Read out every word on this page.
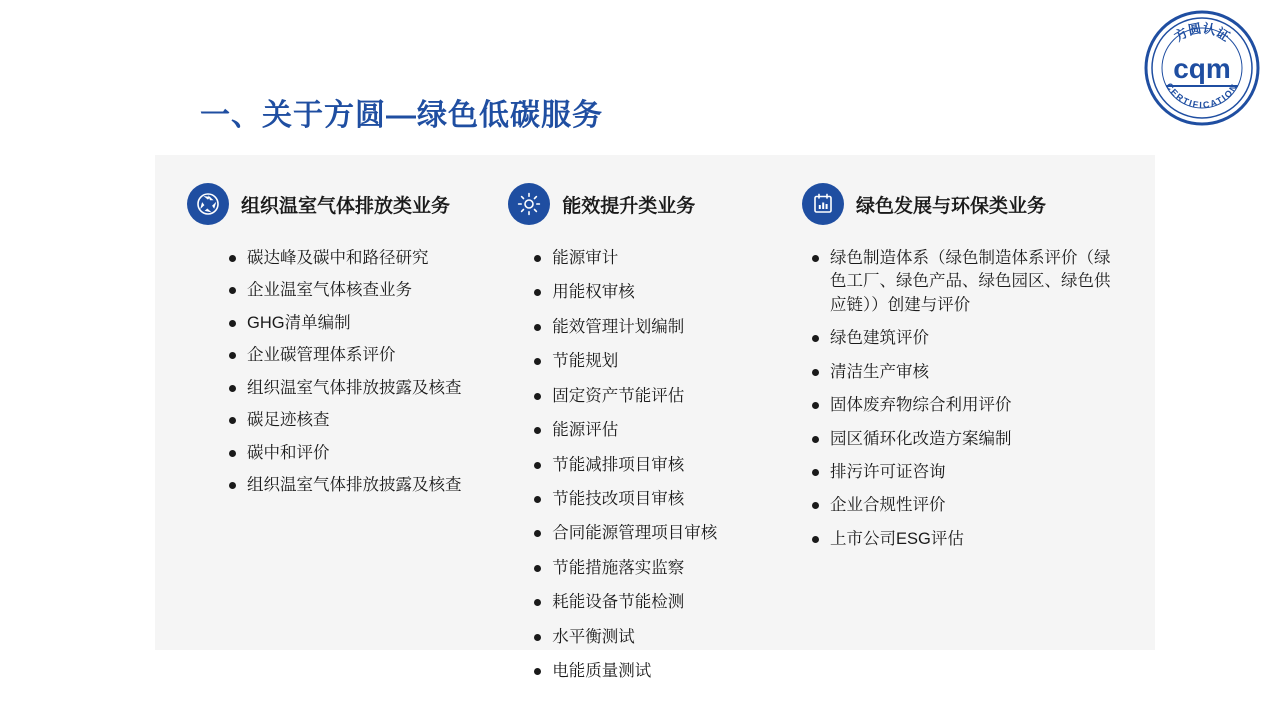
方圆认证
CERTIFICATION
cqm
一、关于方圆—绿色低碳服务
组织温室气体排放类业务
碳达峰及碳中和路径研究
企业温室气体核查业务
GHG清单编制
企业碳管理体系评价
组织温室气体排放披露及核查
碳足迹核查
碳中和评价
组织温室气体排放披露及核查
能效提升类业务
能源审计
用能权审核
能效管理计划编制
节能规划
固定资产节能评估
能源评估
节能减排项目审核
节能技改项目审核
合同能源管理项目审核
节能措施落实监察
耗能设备节能检测
水平衡测试
电能质量测试
绿色发展与环保类业务
绿色制造体系（绿色制造体系评价（绿色工厂、绿色产品、绿色园区、绿色供应链））创建与评价
绿色建筑评价
清洁生产审核
固体废弃物综合利用评价
园区循环化改造方案编制
排污许可证咨询
企业合规性评价
上市公司ESG评估
